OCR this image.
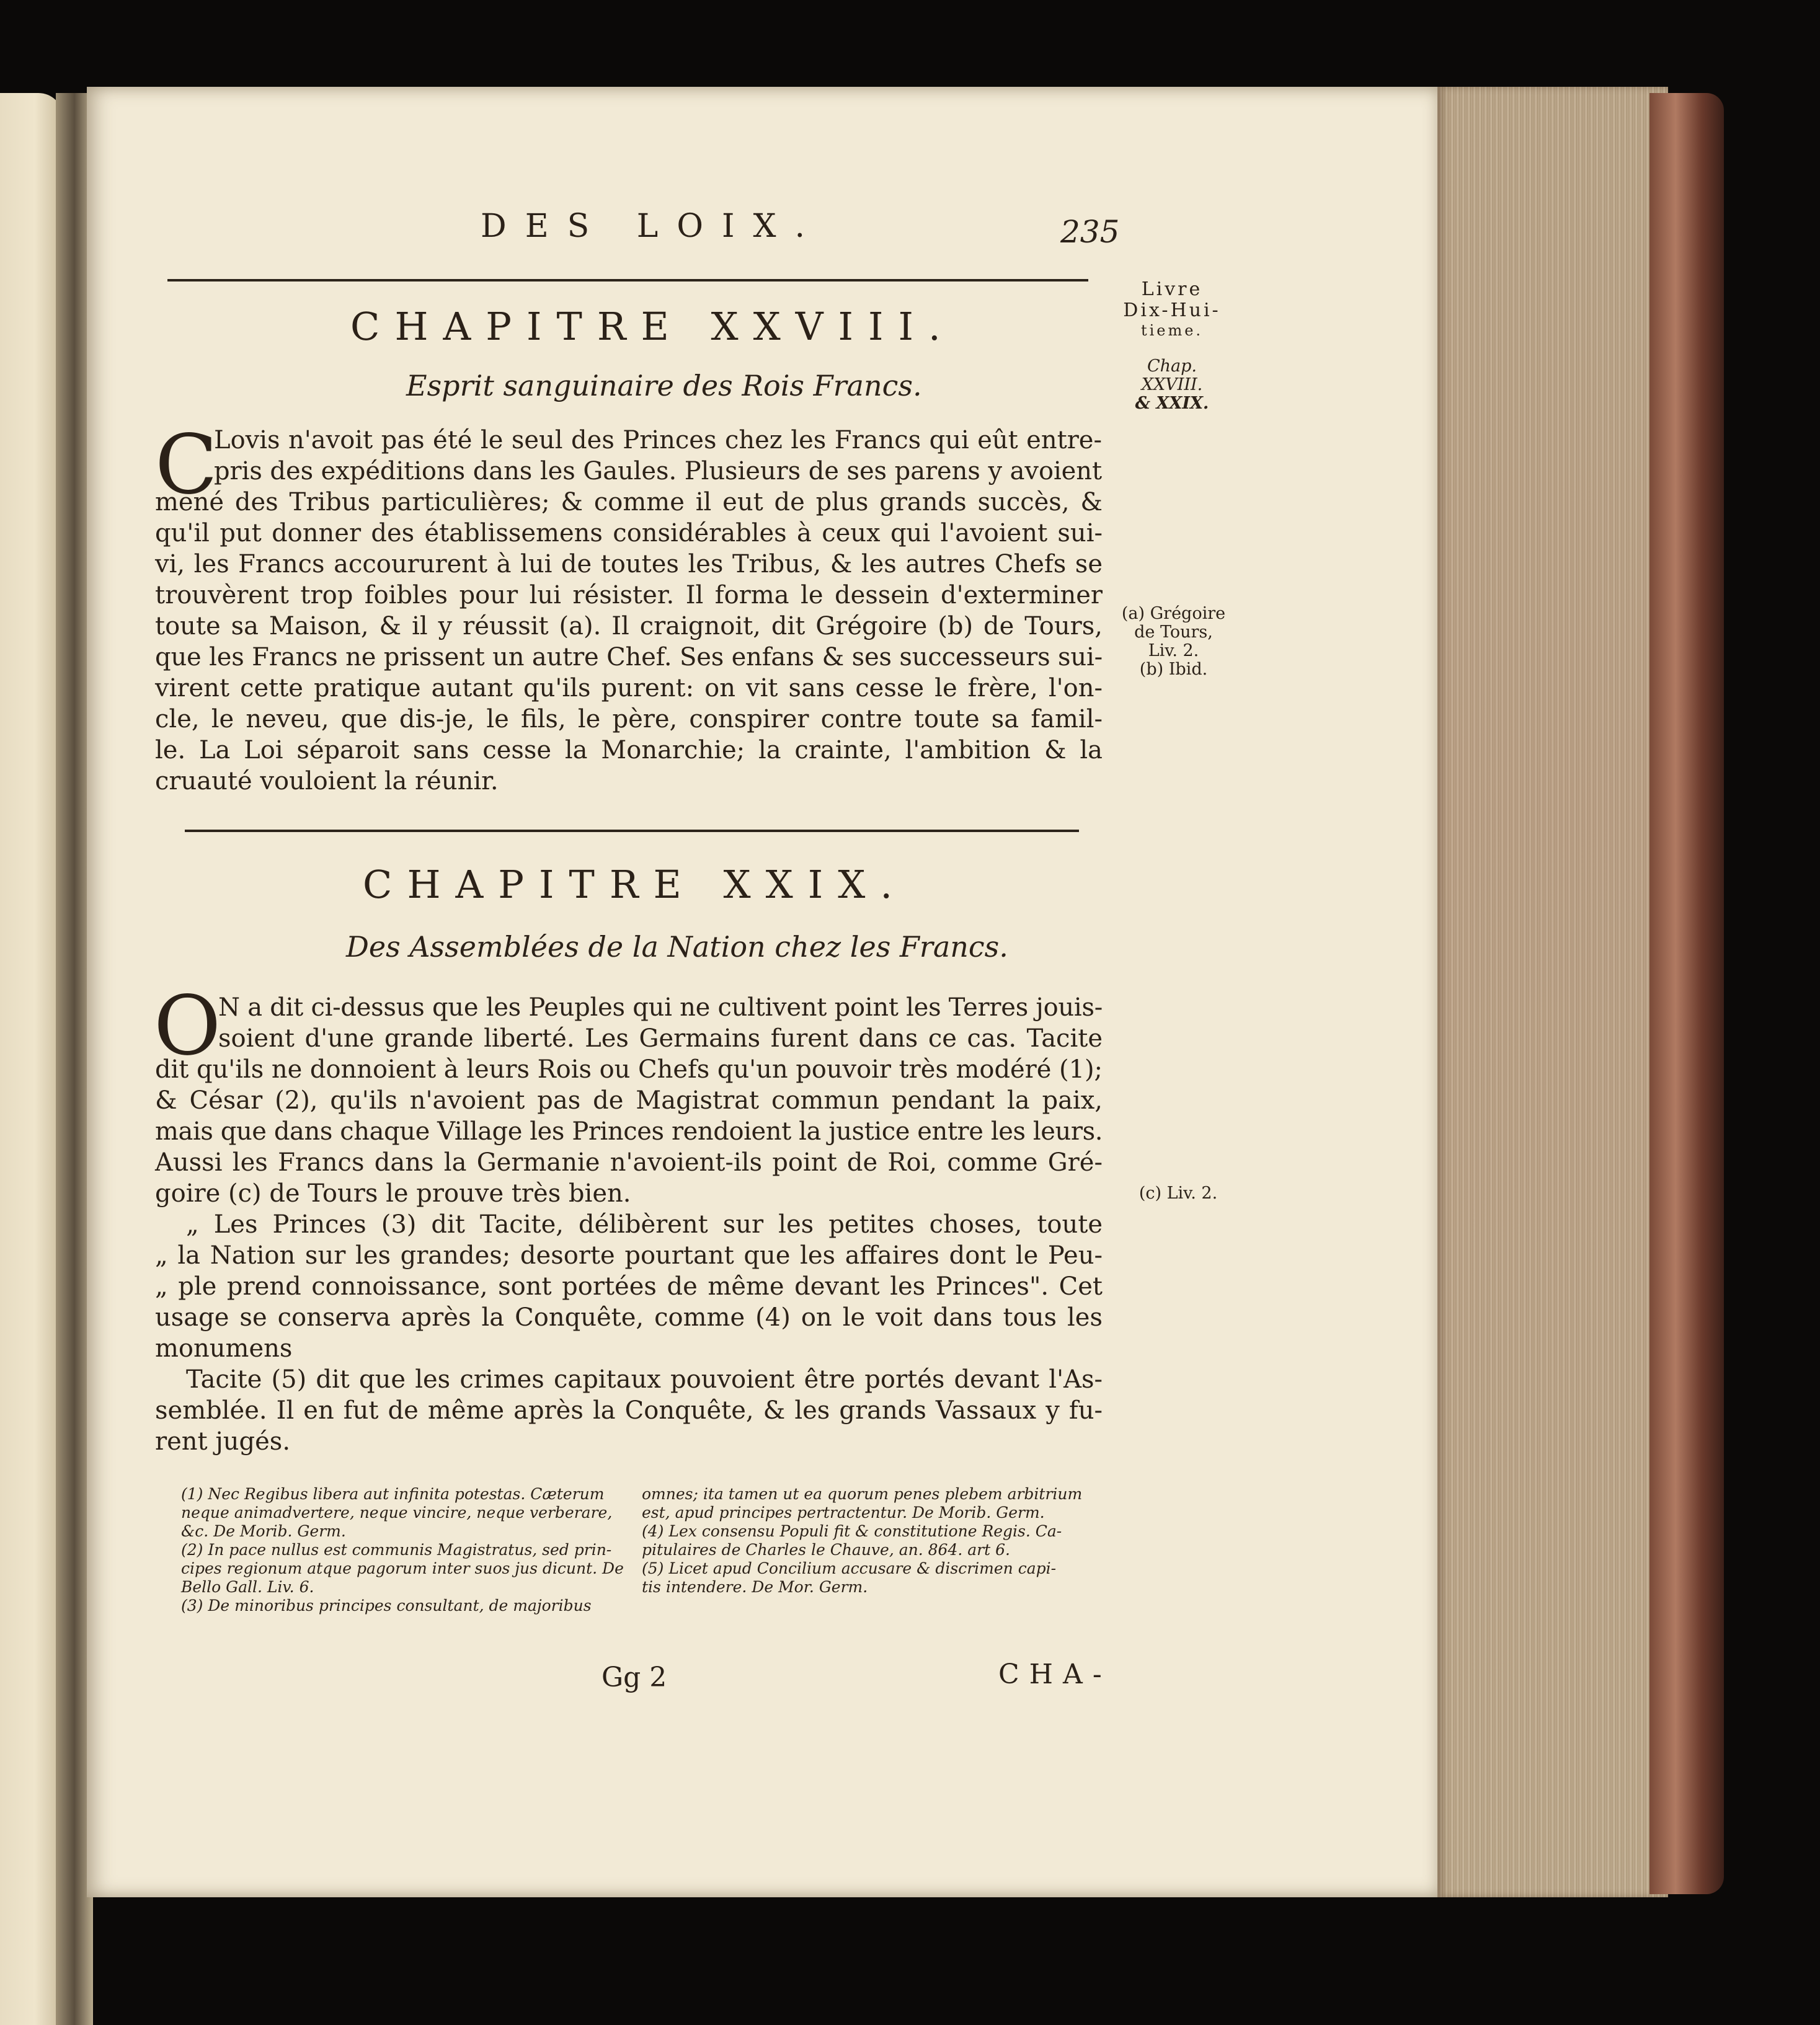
DES LOIX.	235
Livre
Dix-Hui-
tieme.
Chap.
XXVIII.
& XXIX.
CHAPITRE XXVIII.
Esprit sanguinaire des Rois Francs.
C
Lovis n'avoit pas été le seul des Princes chez les Francs qui eût entre-
pris des expéditions dans les Gaules. Plusieurs de ses parens y avoient
mené des Tribus particulières; & comme il eut de plus grands succès, &
qu'il put donner des établissemens considérables à ceux qui l'avoient sui-
vi, les Francs accoururent à lui de toutes les Tribus, & les autres Chefs se
trouvèrent trop foibles pour lui résister. Il forma le dessein d'exterminer
toute sa Maison, & il y réussit (a). Il craignoit, dit Grégoire (b) de Tours,
que les Francs ne prissent un autre Chef. Ses enfans & ses successeurs sui-
virent cette pratique autant qu'ils purent: on vit sans cesse le frère, l'on-
cle, le neveu, que dis-je, le fils, le père, conspirer contre toute sa famil-
le. La Loi séparoit sans cesse la Monarchie; la crainte, l'ambition & la
cruauté vouloient la réunir.
(a) Grégoire
de Tours,
Liv. 2.
(b) Ibid.
CHAPITRE XXIX.
Des Assemblées de la Nation chez les Francs.
O
N a dit ci-dessus que les Peuples qui ne cultivent point les Terres jouis-
soient d'une grande liberté. Les Germains furent dans ce cas. Tacite
dit qu'ils ne donnoient à leurs Rois ou Chefs qu'un pouvoir très modéré (1);
& César (2), qu'ils n'avoient pas de Magistrat commun pendant la paix,
mais que dans chaque Village les Princes rendoient la justice entre les leurs.
Aussi les Francs dans la Germanie n'avoient-ils point de Roi, comme Gré-
goire (c) de Tours le prouve très bien.
„ Les Princes (3) dit Tacite, délibèrent sur les petites choses, toute
„ la Nation sur les grandes; desorte pourtant que les affaires dont le Peu-
„ ple prend connoissance, sont portées de même devant les Princes". Cet
usage se conserva après la Conquête, comme (4) on le voit dans tous les
monumens
Tacite (5) dit que les crimes capitaux pouvoient être portés devant l'As-
semblée. Il en fut de même après la Conquête, & les grands Vassaux y fu-
rent jugés.
(c) Liv. 2.
(1) Nec Regibus libera aut infinita potestas. Cæterum
neque animadvertere, neque vincire, neque verberare,
&c. De Morib. Germ.
(2) In pace nullus est communis Magistratus, sed prin-
cipes regionum atque pagorum inter suos jus dicunt. De
Bello Gall. Liv. 6.
(3) De minoribus principes consultant, de majoribus
omnes; ita tamen ut ea quorum penes plebem arbitrium
est, apud principes pertractentur. De Morib. Germ.
(4) Lex consensu Populi fit & constitutione Regis. Ca-
pitulaires de Charles le Chauve, an. 864. art 6.
(5) Licet apud Concilium accusare & discrimen capi-
tis intendere. De Mor. Germ.
Gg 2	CHA-
